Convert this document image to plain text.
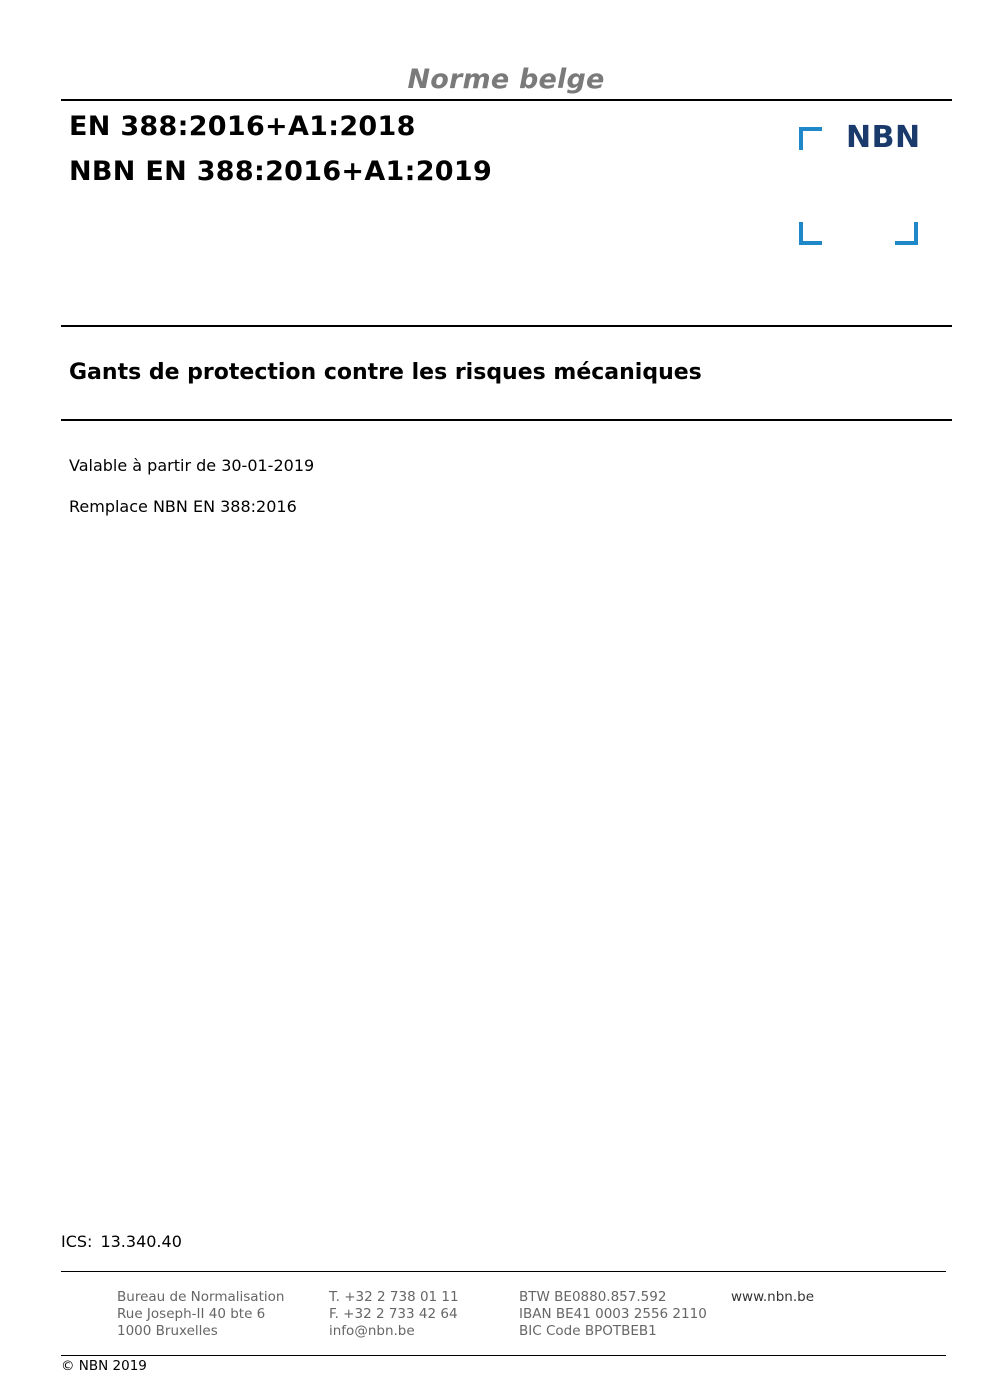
Norme belge
EN 388:2016+A1:2018
NBN EN 388:2016+A1:2019
NBN
Gants de protection contre les risques mécaniques
Valable à partir de 30-01-2019
Remplace NBN EN 388:2016
ICS: 13.340.40
Bureau de Normalisation
Rue Joseph-II 40 bte 6
1000 Bruxelles
T. +32 2 738 01 11
F. +32 2 733 42 64
info@nbn.be
BTW BE0880.857.592
IBAN BE41 0003 2556 2110
BIC Code BPOTBEB1
www.nbn.be
© NBN 2019
